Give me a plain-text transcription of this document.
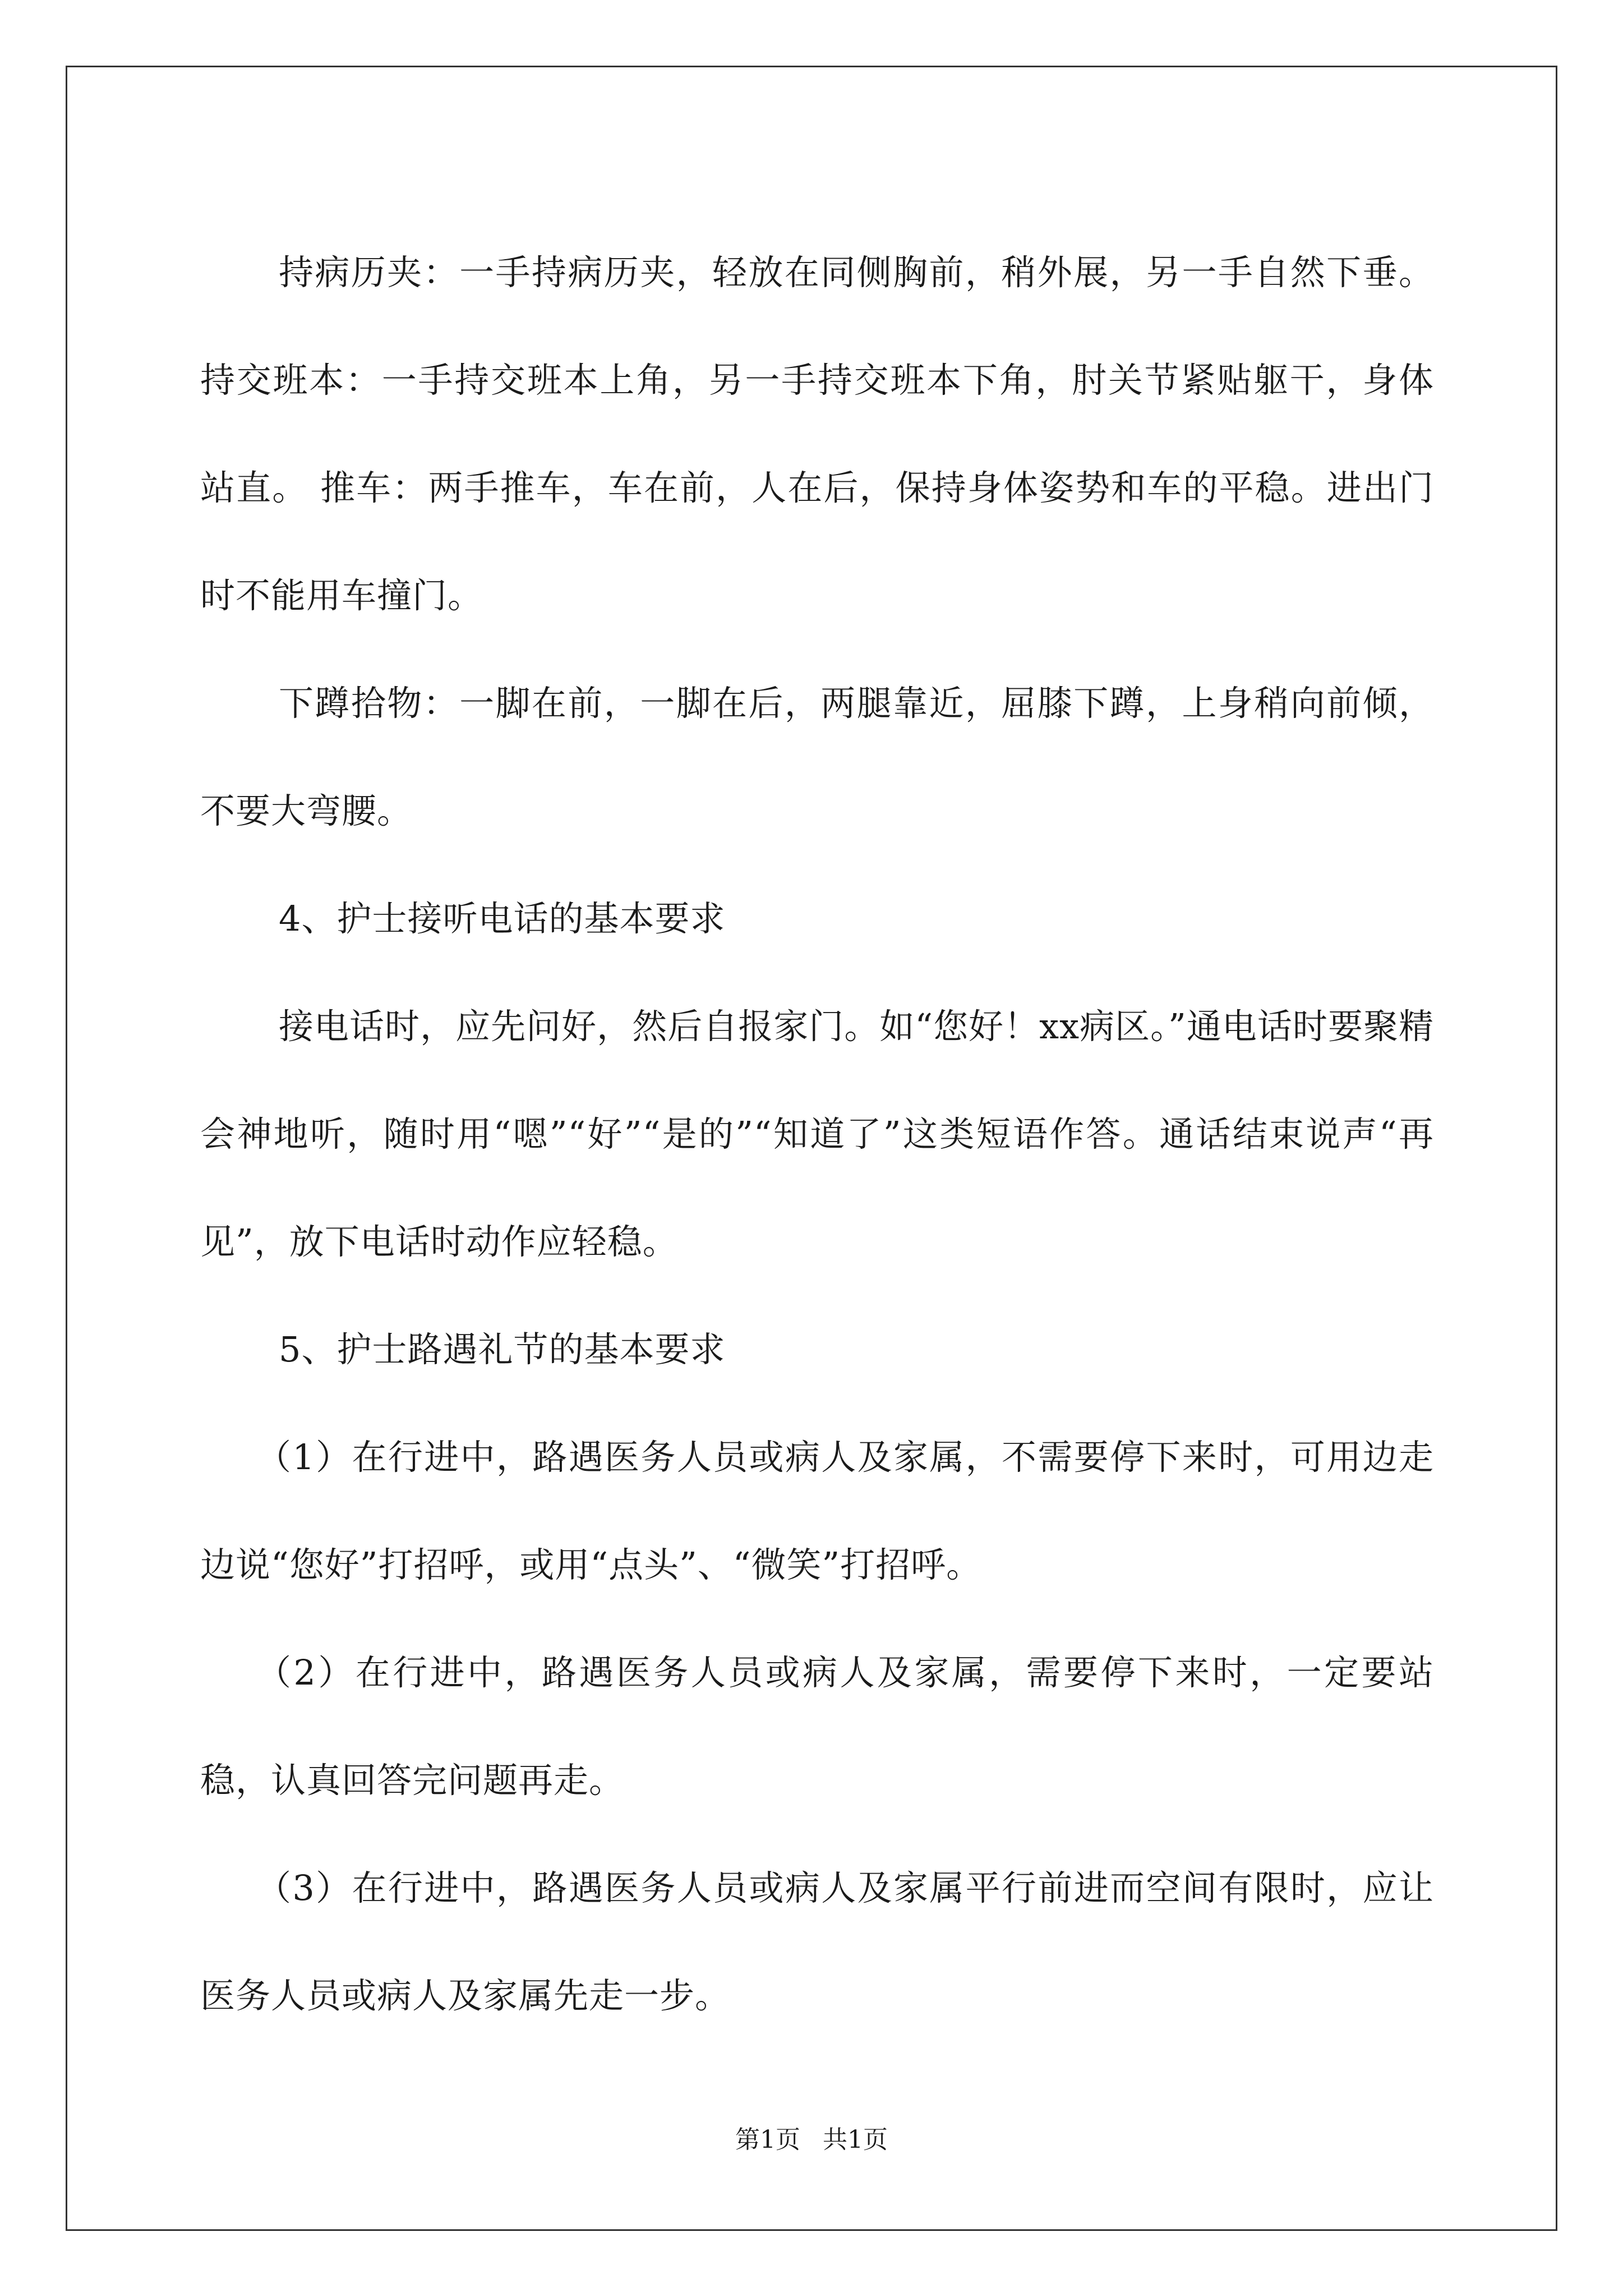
持病历夹：一手持病历夹，轻放在同侧胸前，稍外展，另一手自然下垂。 持交班本：一手持交班本上角，另一手持交班本下角，肘关节紧贴躯干，身体站直。 推车：两手推车，车在前，人在后，保持身体姿势和车的平稳。进出门时不能用车撞门。

下蹲拾物：一脚在前，一脚在后，两腿靠近，屈膝下蹲，上身稍向前倾，不要大弯腰。

4、护士接听电话的基本要求

接电话时，应先问好，然后自报家门。如“您好！xx病区。”通电话时要聚精会神地听，随时用“嗯”“好”“是的”“知道了”这类短语作答。通话结束说声“再见”，放下电话时动作应轻稳。

5、护士路遇礼节的基本要求

（1）在行进中，路遇医务人员或病人及家属，不需要停下来时，可用边走边说“您好”打招呼，或用“点头”、“微笑”打招呼。

（2）在行进中，路遇医务人员或病人及家属，需要停下来时，一定要站稳，认真回答完问题再走。

（3）在行进中，路遇医务人员或病人及家属平行前进而空间有限时，应让医务人员或病人及家属先走一步。

第1页 共1页
